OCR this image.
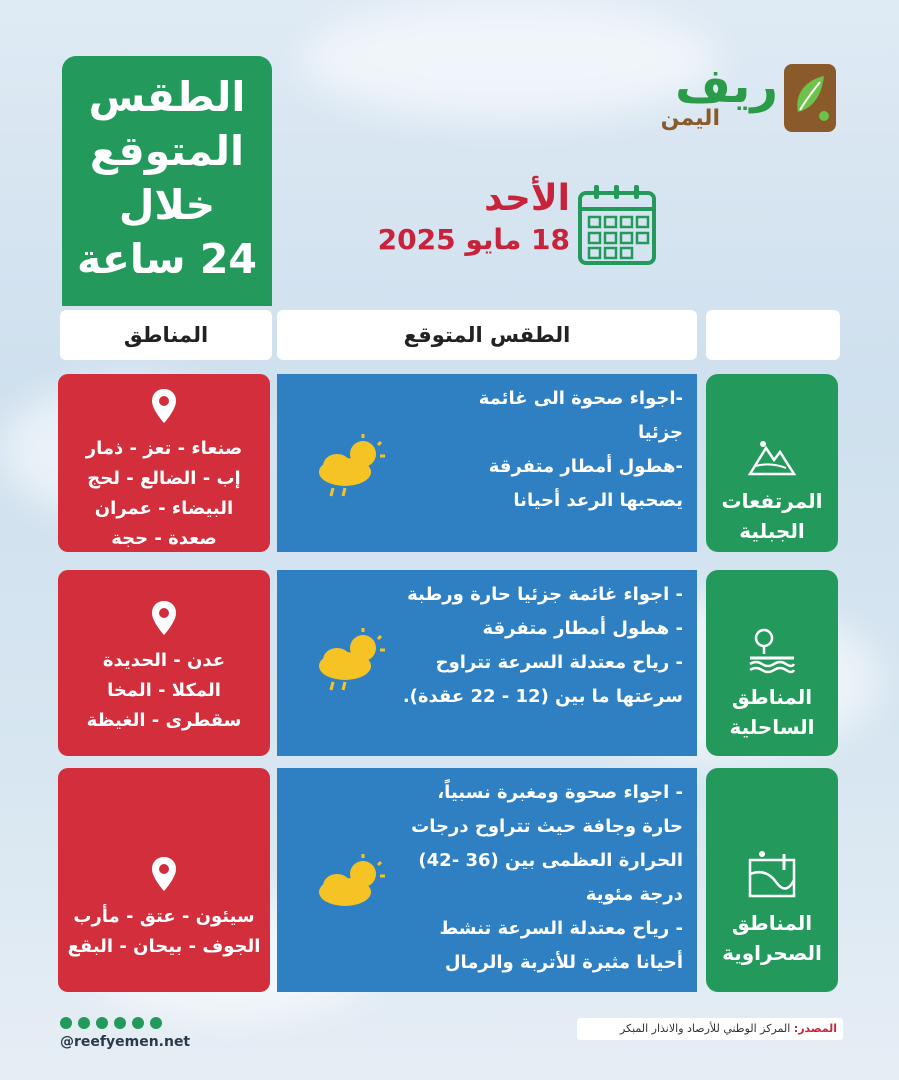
الطقس
المتوقع
خلال
24 ساعة
ريف
اليمن
الأحد
18 مايو 2025
المناطق	الطقس المتوقع
المرتفعات
الجبلية
-اجواء صحوة الى غائمة
جزئيا
-هطول أمطار متفرقة
يصحبها الرعد أحيانا
صنعاء - تعز - ذمار
إب - الضالع - لحج
البيضاء - عمران
صعدة - حجة
المناطق
الساحلية
- اجواء غائمة جزئيا حارة ورطبة
- هطول أمطار متفرقة
- رياح معتدلة السرعة تتراوح
سرعتها ما بين (12 - 22 عقدة).
عدن - الحديدة
المكلا - المخا
سقطرى - الغيظة
المناطق
الصحراوية
- اجواء صحوة ومغبرة نسبياً،
حارة وجافة حيث تتراوح درجات
الحرارة العظمى بين (36 -42)
درجة مئوية
- رياح معتدلة السرعة تنشط
أحيانا مثيرة للأتربة والرمال
سيئون - عتق - مأرب
الجوف - بيحان - البقع
@reefyemen.net
المصدر: المركز الوطني للأرصاد والانذار المبكر
